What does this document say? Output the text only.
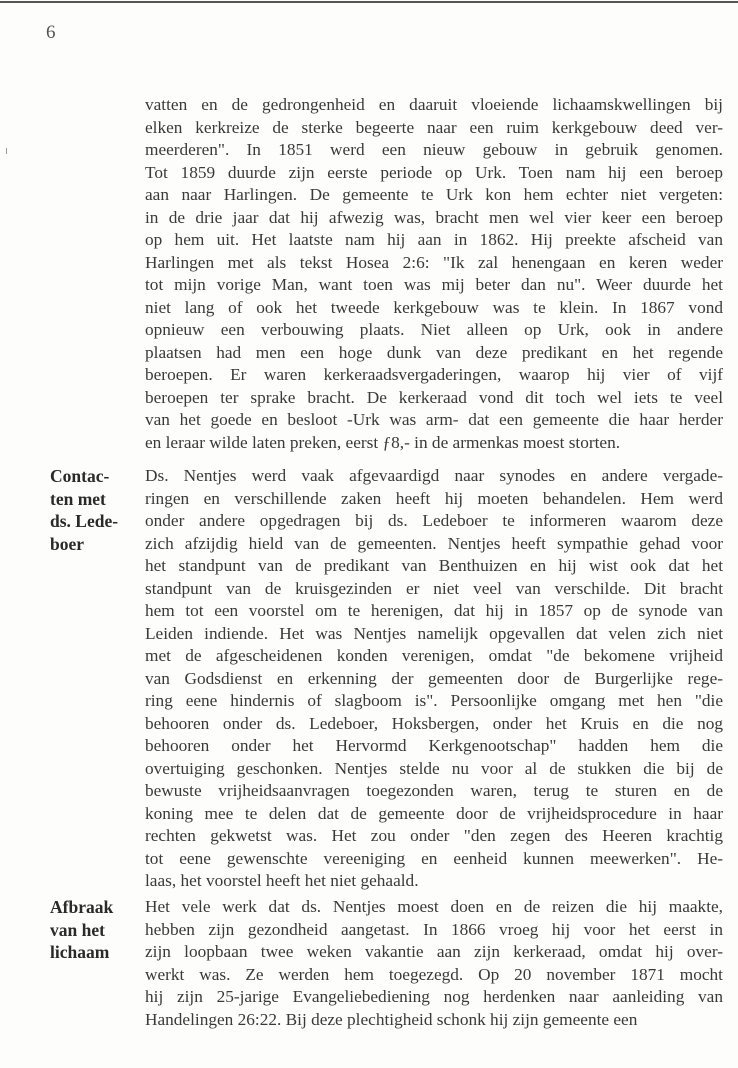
6
vatten en de gedrongenheid en daaruit vloeiende lichaamskwellingen bij
elken kerkreize de sterke begeerte naar een ruim kerkgebouw deed ver-
meerderen". In 1851 werd een nieuw gebouw in gebruik genomen.
Tot 1859 duurde zijn eerste periode op Urk. Toen nam hij een beroep
aan naar Harlingen. De gemeente te Urk kon hem echter niet vergeten:
in de drie jaar dat hij afwezig was, bracht men wel vier keer een beroep
op hem uit. Het laatste nam hij aan in 1862. Hij preekte afscheid van
Harlingen met als tekst Hosea 2:6: "Ik zal henengaan en keren weder
tot mijn vorige Man, want toen was mij beter dan nu". Weer duurde het
niet lang of ook het tweede kerkgebouw was te klein. In 1867 vond
opnieuw een verbouwing plaats. Niet alleen op Urk, ook in andere
plaatsen had men een hoge dunk van deze predikant en het regende
beroepen. Er waren kerkeraadsvergaderingen, waarop hij vier of vijf
beroepen ter sprake bracht. De kerkeraad vond dit toch wel iets te veel
van het goede en besloot -Urk was arm- dat een gemeente die haar herder
en leraar wilde laten preken, eerst ƒ8,- in de armenkas moest storten.
Contac-
ten met
ds. Lede-
boer
Ds. Nentjes werd vaak afgevaardigd naar synodes en andere vergade-
ringen en verschillende zaken heeft hij moeten behandelen. Hem werd
onder andere opgedragen bij ds. Ledeboer te informeren waarom deze
zich afzijdig hield van de gemeenten. Nentjes heeft sympathie gehad voor
het standpunt van de predikant van Benthuizen en hij wist ook dat het
standpunt van de kruisgezinden er niet veel van verschilde. Dit bracht
hem tot een voorstel om te herenigen, dat hij in 1857 op de synode van
Leiden indiende. Het was Nentjes namelijk opgevallen dat velen zich niet
met de afgescheidenen konden verenigen, omdat "de bekomene vrijheid
van Godsdienst en erkenning der gemeenten door de Burgerlijke rege-
ring eene hindernis of slagboom is". Persoonlijke omgang met hen "die
behooren onder ds. Ledeboer, Hoksbergen, onder het Kruis en die nog
behooren onder het Hervormd Kerkgenootschap" hadden hem die
overtuiging geschonken. Nentjes stelde nu voor al de stukken die bij de
bewuste vrijheidsaanvragen toegezonden waren, terug te sturen en de
koning mee te delen dat de gemeente door de vrijheidsprocedure in haar
rechten gekwetst was. Het zou onder "den zegen des Heeren krachtig
tot eene gewenschte vereeniging en eenheid kunnen meewerken". He-
laas, het voorstel heeft het niet gehaald.
Afbraak
van het
lichaam
Het vele werk dat ds. Nentjes moest doen en de reizen die hij maakte,
hebben zijn gezondheid aangetast. In 1866 vroeg hij voor het eerst in
zijn loopbaan twee weken vakantie aan zijn kerkeraad, omdat hij over-
werkt was. Ze werden hem toegezegd. Op 20 november 1871 mocht
hij zijn 25-jarige Evangeliebediening nog herdenken naar aanleiding van
Handelingen 26:22. Bij deze plechtigheid schonk hij zijn gemeente een
